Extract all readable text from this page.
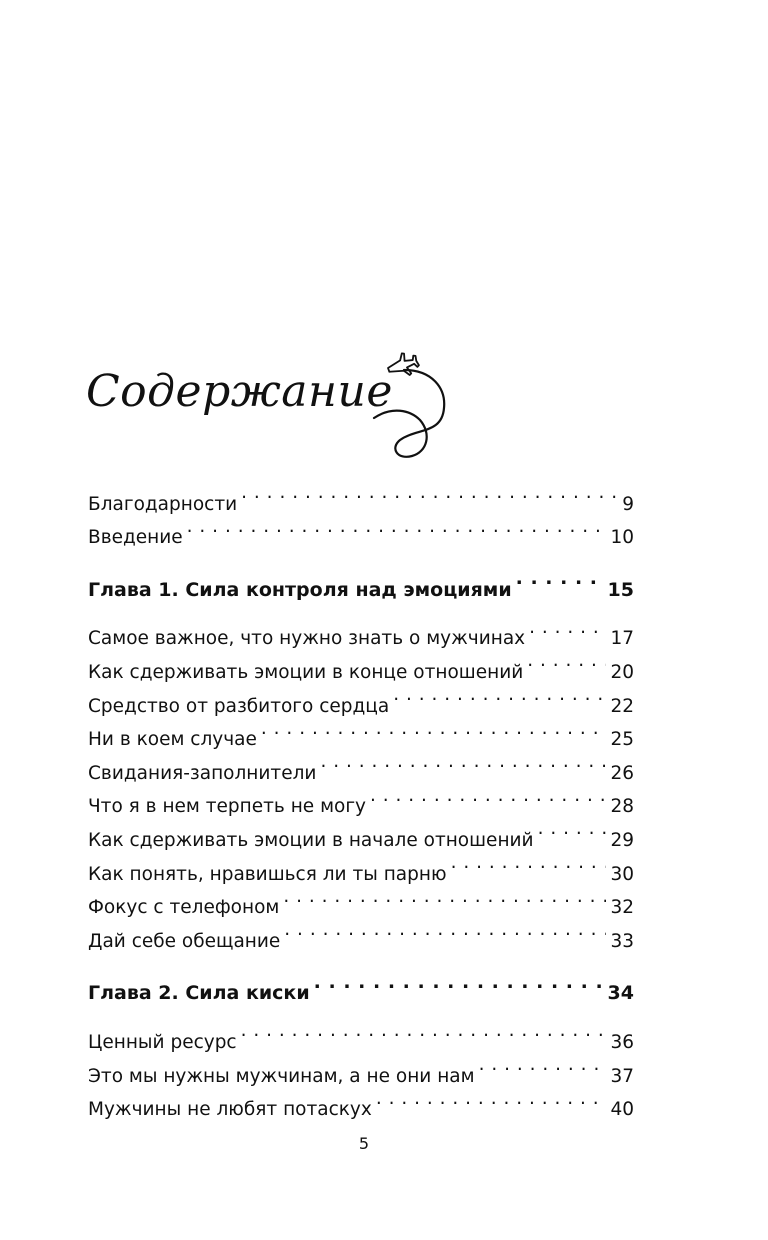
Содержание
Благодарности . . .	9
Введение . . .	10
Глава 1. Сила контроля над эмоциями . . .	15
Самое важное, что нужно знать о мужчинах . . .	17
Как сдерживать эмоции в конце отношений . . .	20
Средство от разбитого сердца . . .	22
Ни в коем случае . . .	25
Свидания-заполнители . . .	26
Что я в нем терпеть не могу . . .	28
Как сдерживать эмоции в начале отношений . . .	29
Как понять, нравишься ли ты парню . . .	30
Фокус с телефоном . . .	32
Дай себе обещание . . .	33
Глава 2. Сила киски . . .	34
Ценный ресурс . . .	36
Это мы нужны мужчинам, а не они нам . . .	37
Мужчины не любят потаскух . . .	40
5
